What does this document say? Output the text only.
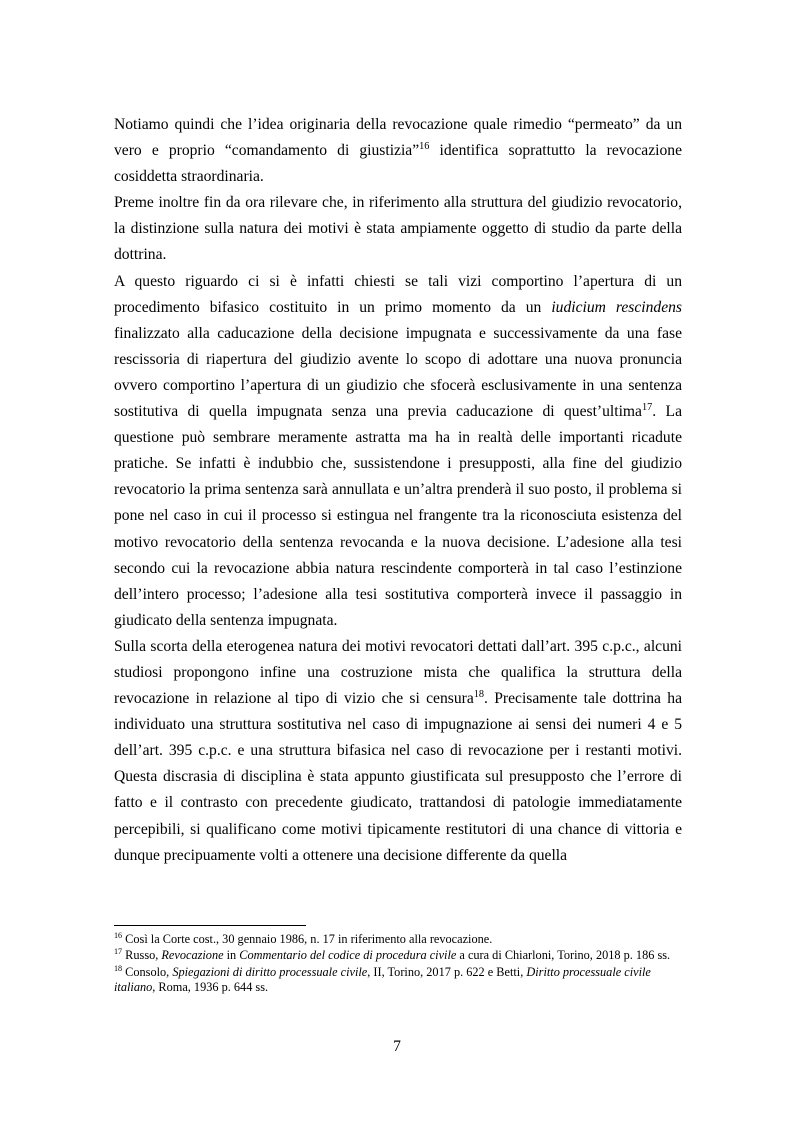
Notiamo quindi che l’idea originaria della revocazione quale rimedio “permeato” da un vero e proprio “comandamento di giustizia”$^{16}$ identifica soprattutto la revocazione cosiddetta straordinaria.

Preme inoltre fin da ora rilevare che, in riferimento alla struttura del giudizio revocatorio, la distinzione sulla natura dei motivi è stata ampiamente oggetto di studio da parte della dottrina.

A questo riguardo ci si è infatti chiesti se tali vizi comportino l’apertura di un procedimento bifasico costituito in un primo momento da un iudicium rescindens finalizzato alla caducazione della decisione impugnata e successivamente da una fase rescissoria di riapertura del giudizio avente lo scopo di adottare una nuova pronuncia ovvero comportino l’apertura di un giudizio che sfocerà esclusivamente in una sentenza sostitutiva di quella impugnata senza una previa caducazione di quest’ultima$^{17}$. La questione può sembrare meramente astratta ma ha in realtà delle importanti ricadute pratiche. Se infatti è indubbio che, sussistendone i presupposti, alla fine del giudizio revocatorio la prima sentenza sarà annullata e un’altra prenderà il suo posto, il problema si pone nel caso in cui il processo si estingua nel frangente tra la riconosciuta esistenza del motivo revocatorio della sentenza revocanda e la nuova decisione. L’adesione alla tesi secondo cui la revocazione abbia natura rescindente comporterà in tal caso l’estinzione dell’intero processo; l’adesione alla tesi sostitutiva comporterà invece il passaggio in giudicato della sentenza impugnata.

Sulla scorta della eterogenea natura dei motivi revocatori dettati dall’art. 395 c.p.c., alcuni studiosi propongono infine una costruzione mista che qualifica la struttura della revocazione in relazione al tipo di vizio che si censura$^{18}$. Precisamente tale dottrina ha individuato una struttura sostitutiva nel caso di impugnazione ai sensi dei numeri 4 e 5 dell’art. 395 c.p.c. e una struttura bifasica nel caso di revocazione per i restanti motivi. Questa discrasia di disciplina è stata appunto giustificata sul presupposto che l’errore di fatto e il contrasto con precedente giudicato, trattandosi di patologie immediatamente percepibili, si qualificano come motivi tipicamente restitutori di una chance di vittoria e dunque precipuamente volti a ottenere una decisione differente da quella

$^{16}$ Così la Corte cost., 30 gennaio 1986, n. 17 in riferimento alla revocazione.

$^{17}$ Russo, Revocazione in Commentario del codice di procedura civile a cura di Chiarloni, Torino, 2018 p. 186 ss.

$^{18}$ Consolo, Spiegazioni di diritto processuale civile, II, Torino, 2017 p. 622 e Betti, Diritto processuale civile italiano, Roma, 1936 p. 644 ss.

7
